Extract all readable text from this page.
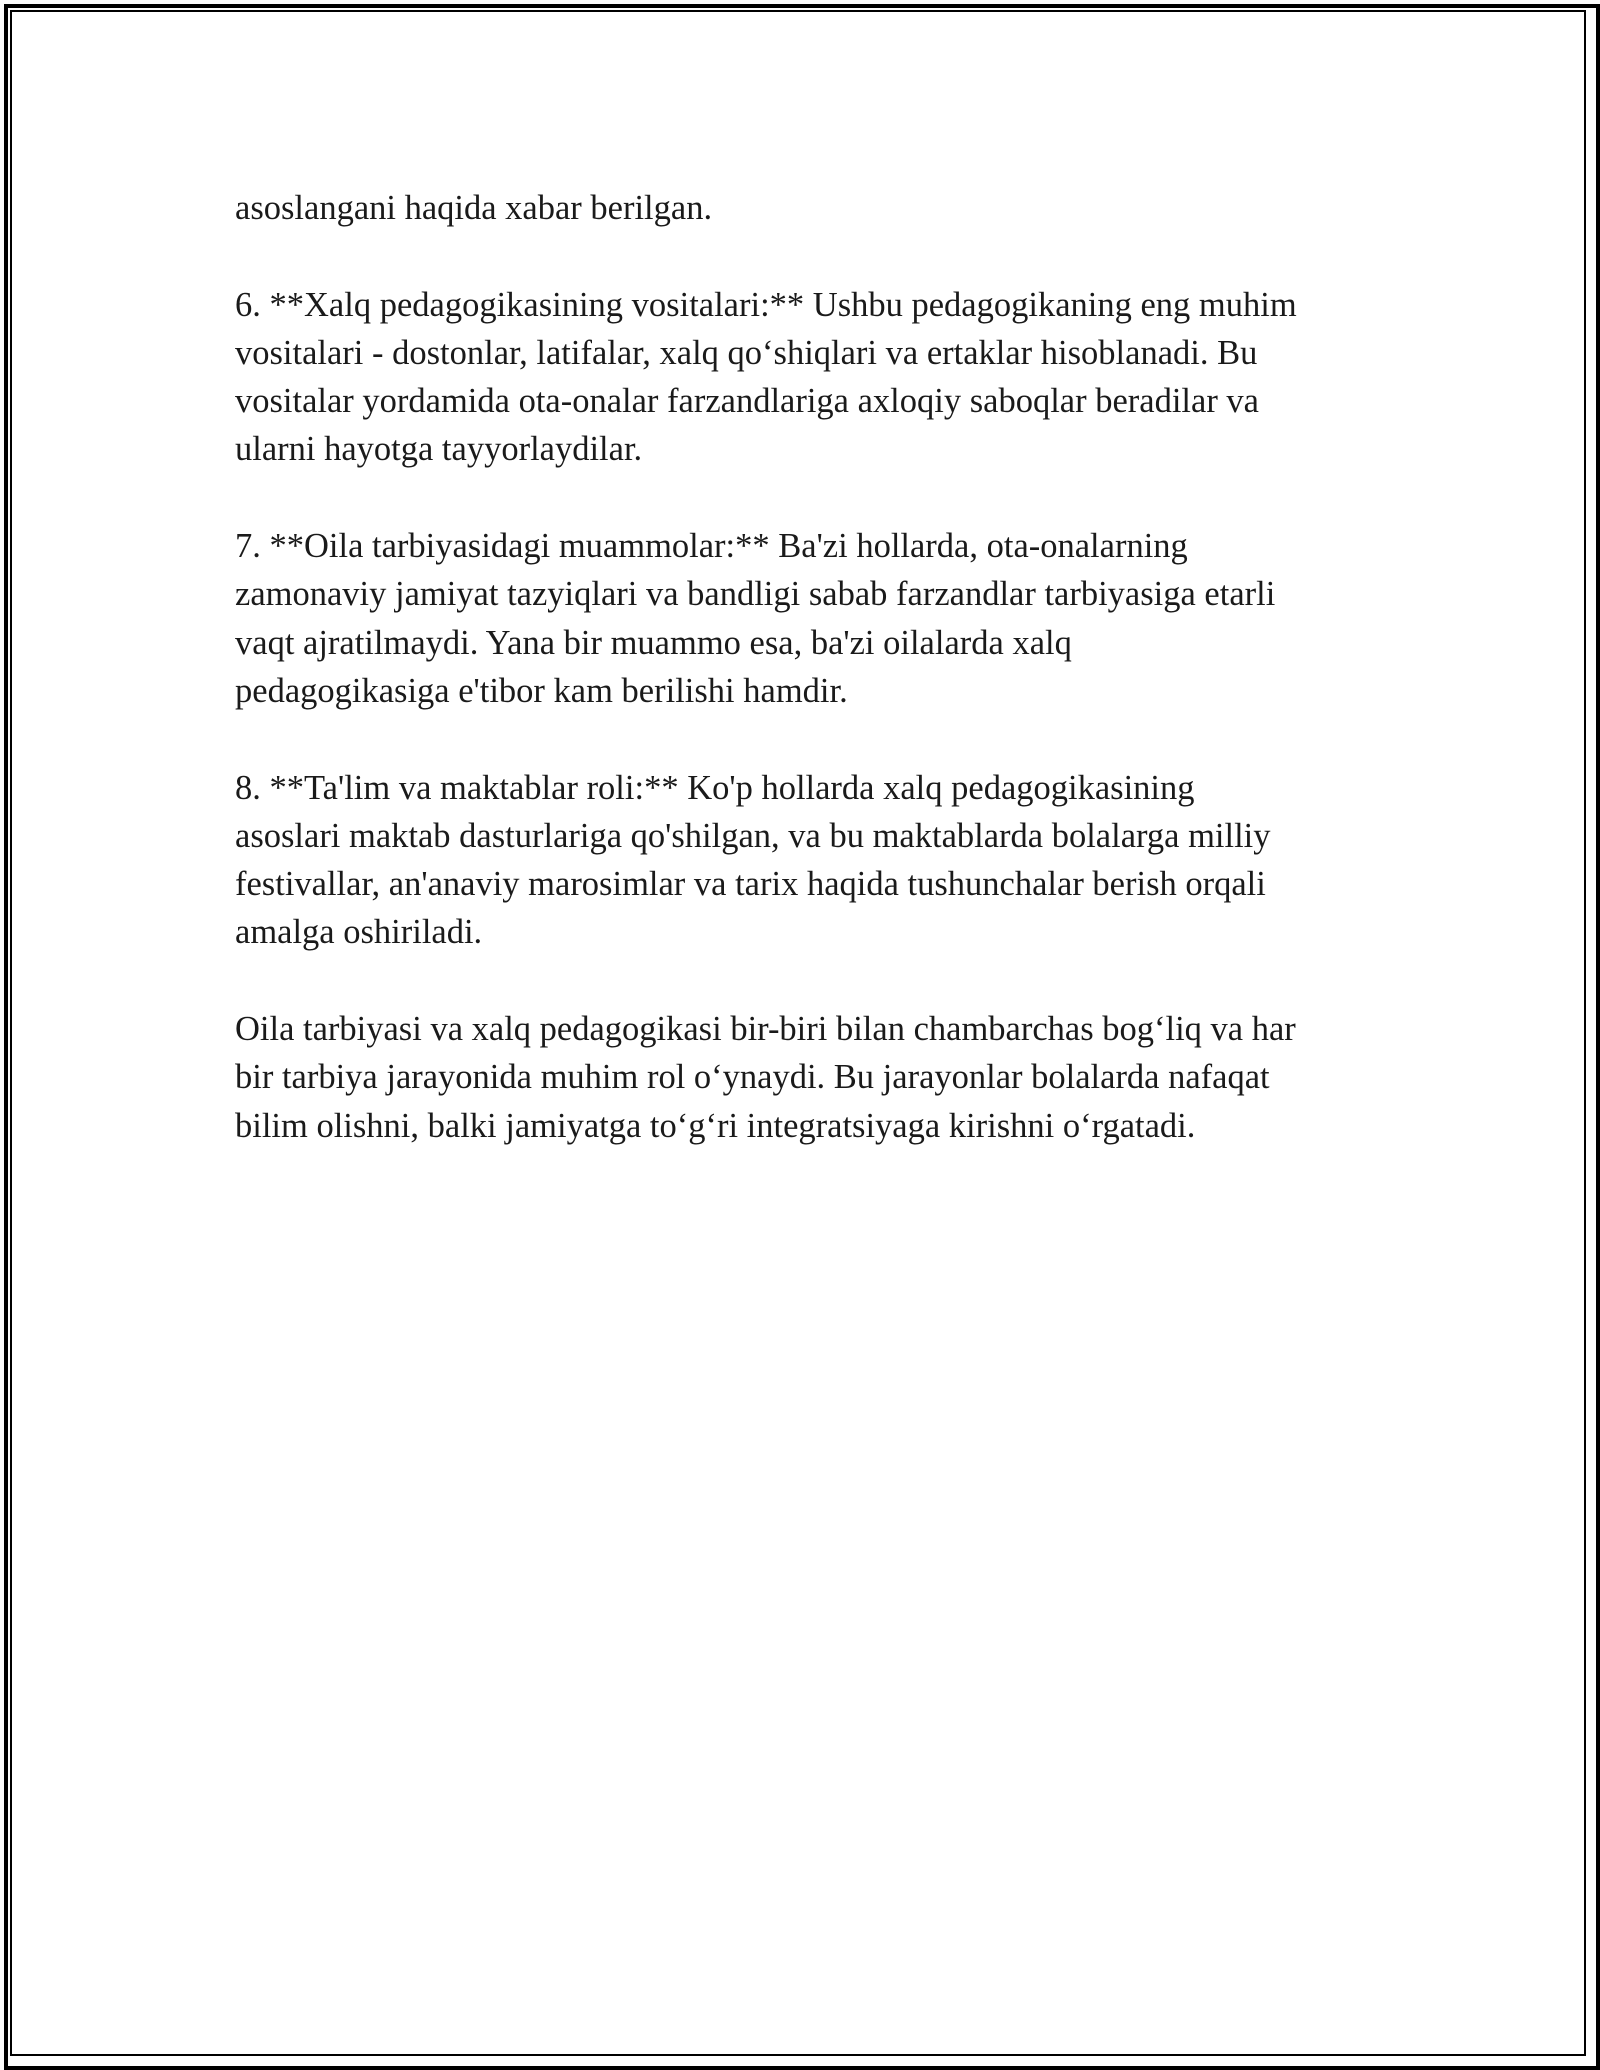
asoslangani haqida xabar berilgan.

6. **Xalq pedagogikasining vositalari:** Ushbu pedagogikaning eng muhim
vositalari - dostonlar, latifalar, xalq qo‘shiqlari va ertaklar hisoblanadi. Bu
vositalar yordamida ota-onalar farzandlariga axloqiy saboqlar beradilar va
ularni hayotga tayyorlaydilar.

7. **Oila tarbiyasidagi muammolar:** Ba'zi hollarda, ota-onalarning
zamonaviy jamiyat tazyiqlari va bandligi sabab farzandlar tarbiyasiga etarli
vaqt ajratilmaydi. Yana bir muammo esa, ba'zi oilalarda xalq
pedagogikasiga e'tibor kam berilishi hamdir.

8. **Ta'lim va maktablar roli:** Ko'p hollarda xalq pedagogikasining
asoslari maktab dasturlariga qo'shilgan, va bu maktablarda bolalarga milliy
festivallar, an'anaviy marosimlar va tarix haqida tushunchalar berish orqali
amalga oshiriladi.

Oila tarbiyasi va xalq pedagogikasi bir-biri bilan chambarchas bog‘liq va har
bir tarbiya jarayonida muhim rol o‘ynaydi. Bu jarayonlar bolalarda nafaqat
bilim olishni, balki jamiyatga to‘g‘ri integratsiyaga kirishni o‘rgatadi.
